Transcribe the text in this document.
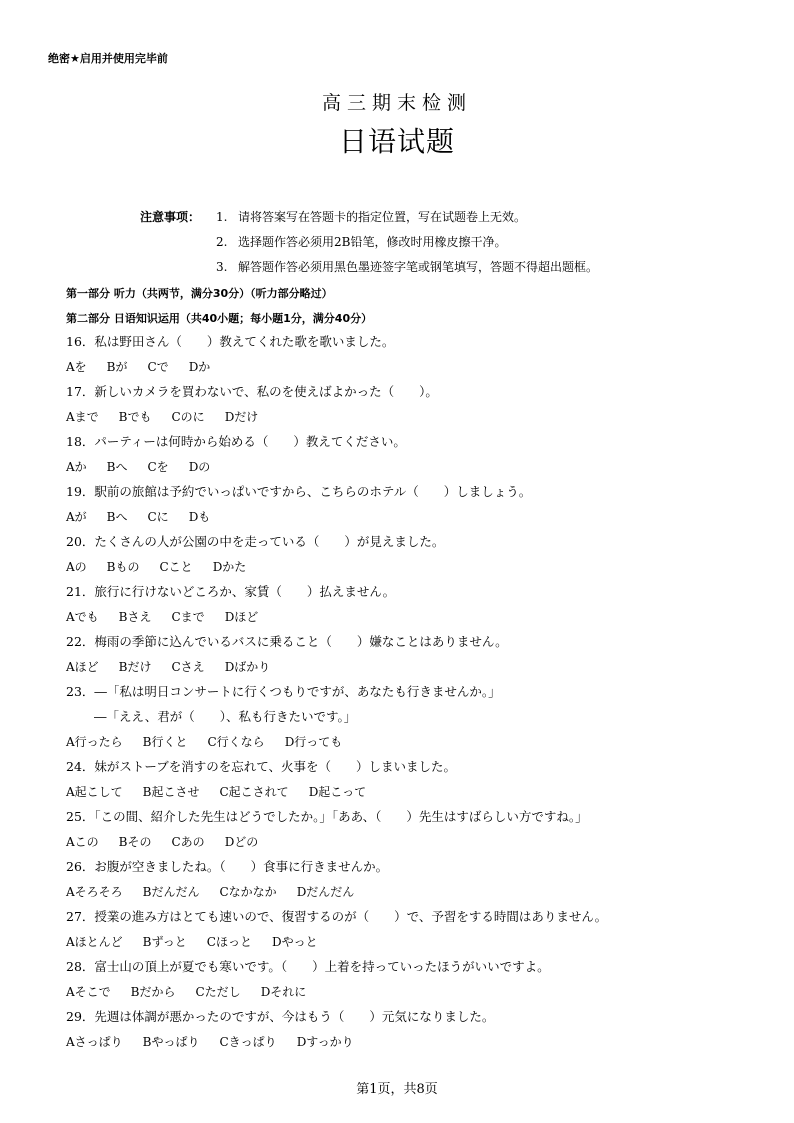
绝密★启用并使用完毕前
高三期末检测
日语试题
注意事项：	1. 请将答案写在答题卡的指定位置，写在试题卷上无效。
2. 选择题作答必须用2B铅笔，修改时用橡皮擦干净。
3. 解答题作答必须用黑色墨迹签字笔或钢笔填写，答题不得超出题框。
第一部分 听力（共两节，满分30分）（听力部分略过）
第二部分 日语知识运用（共40小题；每小题1分，满分40分）
16．私は野田さん（　　）教えてくれた歌を歌いました。
Aを Bが Cで Dか
17．新しいカメラを買わないで、私のを使えばよかった（　　）。
Aまで Bでも Cのに Dだけ
18．パーティーは何時から始める（　　）教えてください。
Aか Bへ Cを Dの
19．駅前の旅館は予約でいっぱいですから、こちらのホテル（　　）しましょう。
Aが Bへ Cに Dも
20．たくさんの人が公園の中を走っている（　　）が見えました。
Aの Bもの Cこと Dかた
21．旅行に行けないどころか、家賃（　　）払えません。
Aでも Bさえ Cまで Dほど
22．梅雨の季節に込んでいるバスに乗ること（　　）嫌なことはありません。
Aほど Bだけ Cさえ Dばかり
23．―「私は明日コンサートに行くつもりですが、あなたも行きませんか。」
―「ええ、君が（　　）、私も行きたいです。」
A行ったら B行くと C行くなら D行っても
24．妹がストーブを消すのを忘れて、火事を（　　）しまいました。
A起こして B起こさせ C起こされて D起こって
25．「この間、紹介した先生はどうでしたか。」「ああ、（　　）先生はすばらしい方ですね。」
Aこの Bその Cあの Dどの
26．お腹が空きましたね。（　　）食事に行きませんか。
Aそろそろ Bだんだん Cなかなか Dだんだん
27．授業の進み方はとても速いので、復習するのが（　　）で、予習をする時間はありません。
Aほとんど Bずっと Cほっと Dやっと
28．富士山の頂上が夏でも寒いです。（　　）上着を持っていったほうがいいですよ。
Aそこで Bだから Cただし Dそれに
29．先週は体調が悪かったのですが、今はもう（　　）元気になりました。
Aさっぱり Bやっぱり Cきっぱり Dすっかり
第1页，共8页
